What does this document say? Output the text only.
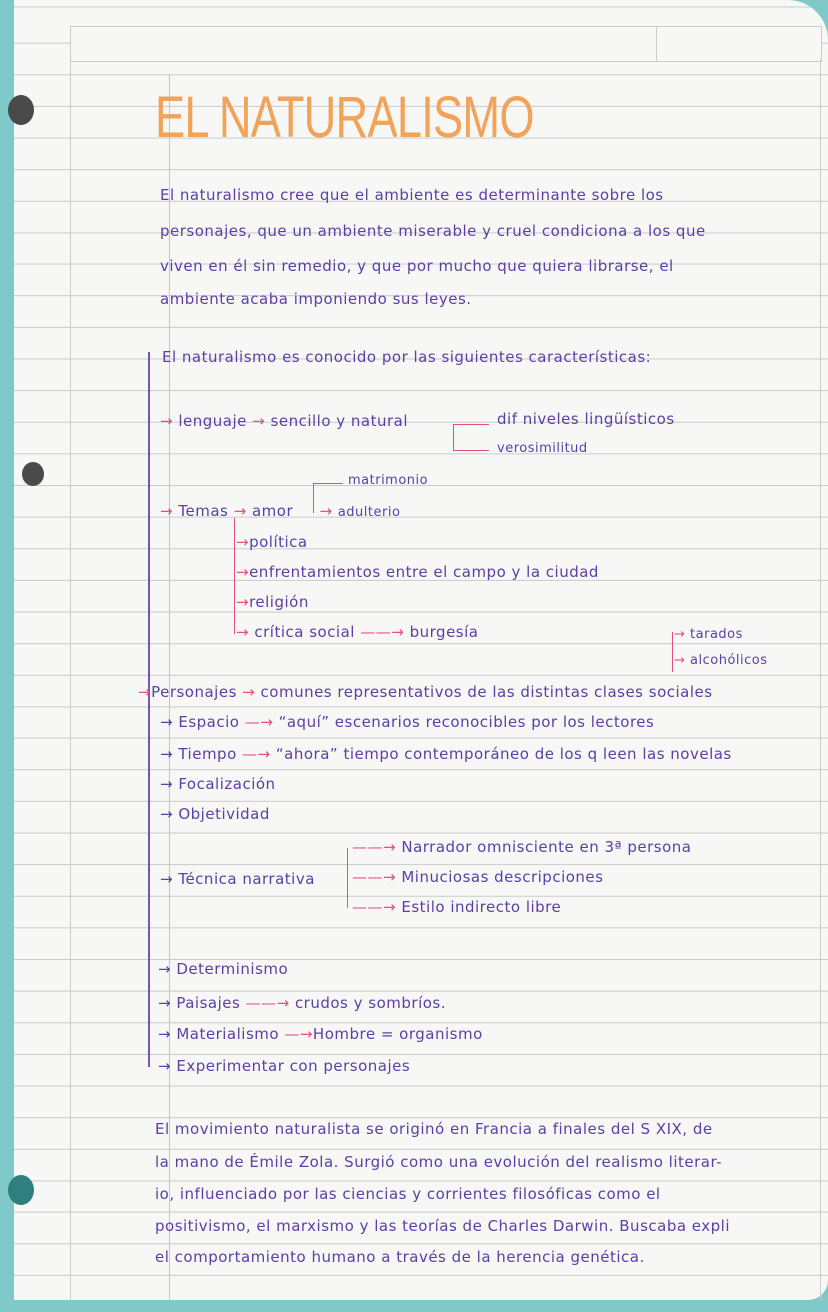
EL NATURALISMO
El naturalismo cree que el ambiente es determinante sobre los
personajes, que un ambiente miserable y cruel condiciona a los que
viven en él sin remedio, y que por mucho que quiera librarse, el
ambiente acaba imponiendo sus leyes.
El naturalismo es conocido por las siguientes características:
→ lenguaje → sencillo y natural	dif niveles lingüísticos
verosimilitud
matrimonio
→ Temas → amor     → adulterio
→política
→enfrentamientos entre el campo y la ciudad
→religión
→ crítica social ——→ burgesía	→ tarados
→ alcohólicos
→Personajes → comunes representativos de las distintas clases sociales
→ Espacio —→ “aquí” escenarios reconocibles por los lectores
→ Tiempo —→ “ahora” tiempo contemporáneo de los q leen las novelas
→ Focalización
→ Objetividad
→ Técnica narrativa
——→ Narrador omnisciente en 3ª persona
——→ Minuciosas descripciones
——→ Estilo indirecto libre
→ Determinismo
→ Paisajes ——→ crudos y sombríos.
→ Materialismo —→Hombre = organismo
→ Experimentar con personajes
El movimiento naturalista se originó en Francia a finales del S XIX, de
la mano de Émile Zola. Surgió como una evolución del realismo literar-
io, influenciado por las ciencias y corrientes filosóficas como el
positivismo, el marxismo y las teorías de Charles Darwin. Buscaba expli
el comportamiento humano a través de la herencia genética.
